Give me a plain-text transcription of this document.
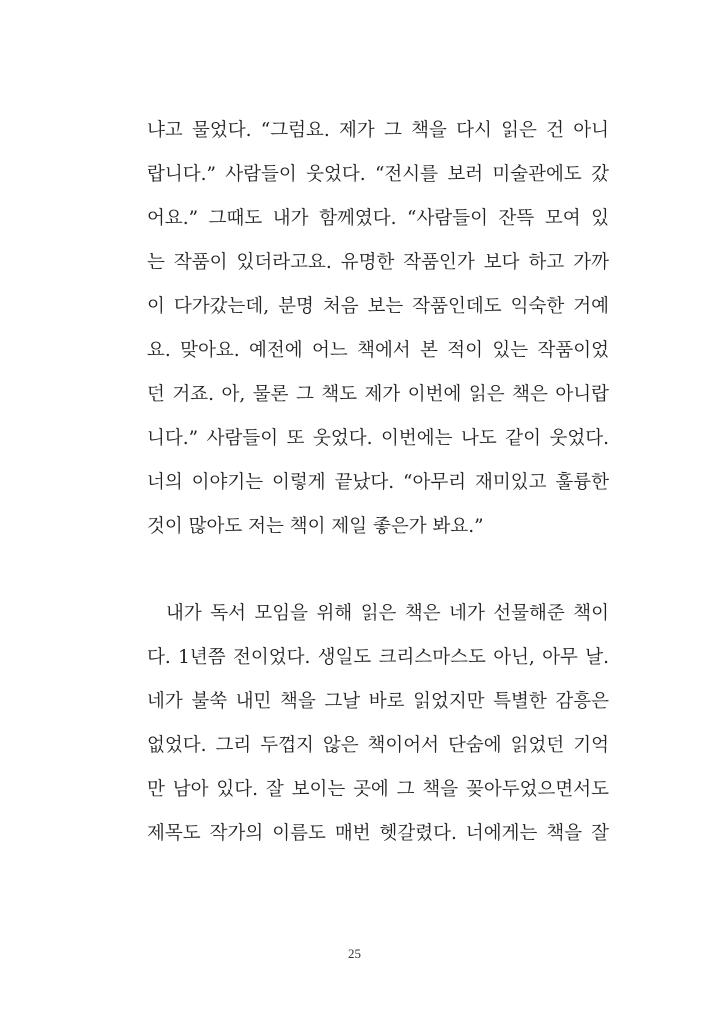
냐고 물었다. “그럼요. 제가 그 책을 다시 읽은 건 아니
랍니다.” 사람들이 웃었다. “전시를 보러 미술관에도 갔
어요.” 그때도 내가 함께였다. “사람들이 잔뜩 모여 있
는 작품이 있더라고요. 유명한 작품인가 보다 하고 가까
이 다가갔는데, 분명 처음 보는 작품인데도 익숙한 거예
요. 맞아요. 예전에 어느 책에서 본 적이 있는 작품이었
던 거죠. 아, 물론 그 책도 제가 이번에 읽은 책은 아니랍
니다.” 사람들이 또 웃었다. 이번에는 나도 같이 웃었다.
너의 이야기는 이렇게 끝났다. “아무리 재미있고 훌륭한
것이 많아도 저는 책이 제일 좋은가 봐요.”
내가 독서 모임을 위해 읽은 책은 네가 선물해준 책이
다. 1년쯤 전이었다. 생일도 크리스마스도 아닌, 아무 날.
네가 불쑥 내민 책을 그날 바로 읽었지만 특별한 감흥은
없었다. 그리 두껍지 않은 책이어서 단숨에 읽었던 기억
만 남아 있다. 잘 보이는 곳에 그 책을 꽂아두었으면서도
제목도 작가의 이름도 매번 헷갈렸다. 너에게는 책을 잘
25
